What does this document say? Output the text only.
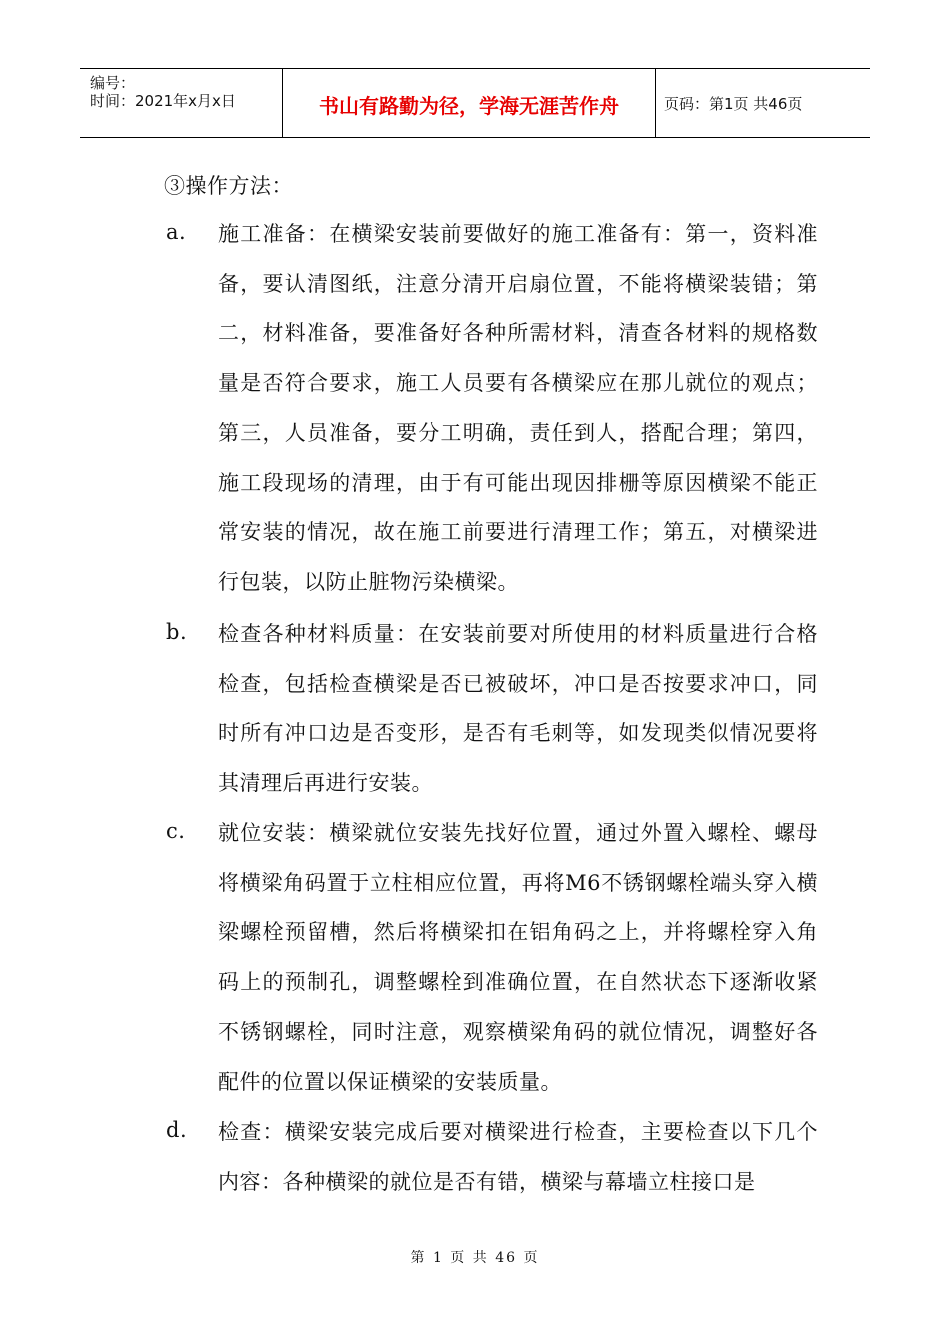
编号：
时间：2021年x月x日	书山有路勤为径，学海无涯苦作舟	页码：第1页 共46页
③操作方法：
a. 施工准备：在横梁安装前要做好的施工准备有：第一，资料准备，要认清图纸，注意分清开启扇位置，不能将横梁装错；第二，材料准备，要准备好各种所需材料，清查各材料的规格数量是否符合要求，施工人员要有各横梁应在那儿就位的观点；第三，人员准备，要分工明确，责任到人，搭配合理；第四，施工段现场的清理，由于有可能出现因排栅等原因横梁不能正常安装的情况，故在施工前要进行清理工作；第五，对横梁进行包装，以防止脏物污染横梁。
b. 检查各种材料质量：在安装前要对所使用的材料质量进行合格检查，包括检查横梁是否已被破坏，冲口是否按要求冲口，同时所有冲口边是否变形，是否有毛刺等，如发现类似情况要将其清理后再进行安装。
c. 就位安装：横梁就位安装先找好位置，通过外置入螺栓、螺母将横梁角码置于立柱相应位置，再将M6不锈钢螺栓端头穿入横梁螺栓预留槽，然后将横梁扣在铝角码之上，并将螺栓穿入角码上的预制孔，调整螺栓到准确位置，在自然状态下逐渐收紧不锈钢螺栓，同时注意，观察横梁角码的就位情况，调整好各配件的位置以保证横梁的安装质量。
d. 检查：横梁安装完成后要对横梁进行检查，主要检查以下几个内容：各种横梁的就位是否有错，横梁与幕墙立柱接口是
第 1 页 共 46 页
